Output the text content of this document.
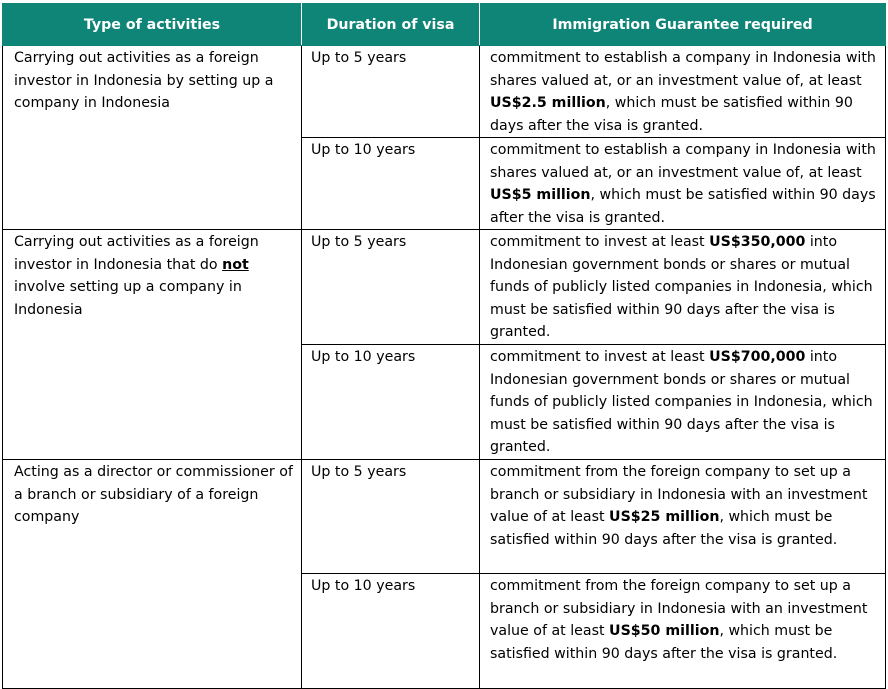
Type of activities	Duration of visa	Immigration Guarantee required

Carrying out activities as a foreign investor in Indonesia by setting up a company in Indonesia	Up to 5 years	commitment to establish a company in Indonesia with shares valued at, or an investment value of, at least US$2.5 million, which must be satisfied within 90 days after the visa is granted.

	Up to 10 years	commitment to establish a company in Indonesia with shares valued at, or an investment value of, at least US$5 million, which must be satisfied within 90 days after the visa is granted.

Carrying out activities as a foreign investor in Indonesia that do not involve setting up a company in Indonesia	Up to 5 years	commitment to invest at least US$350,000 into Indonesian government bonds or shares or mutual funds of publicly listed companies in Indonesia, which must be satisfied within 90 days after the visa is granted.

	Up to 10 years	commitment to invest at least US$700,000 into Indonesian government bonds or shares or mutual funds of publicly listed companies in Indonesia, which must be satisfied within 90 days after the visa is granted.

Acting as a director or commissioner of a branch or subsidiary of a foreign company	Up to 5 years	commitment from the foreign company to set up a branch or subsidiary in Indonesia with an investment value of at least US$25 million, which must be satisfied within 90 days after the visa is granted.

	Up to 10 years	commitment from the foreign company to set up a branch or subsidiary in Indonesia with an investment value of at least US$50 million, which must be satisfied within 90 days after the visa is granted.
